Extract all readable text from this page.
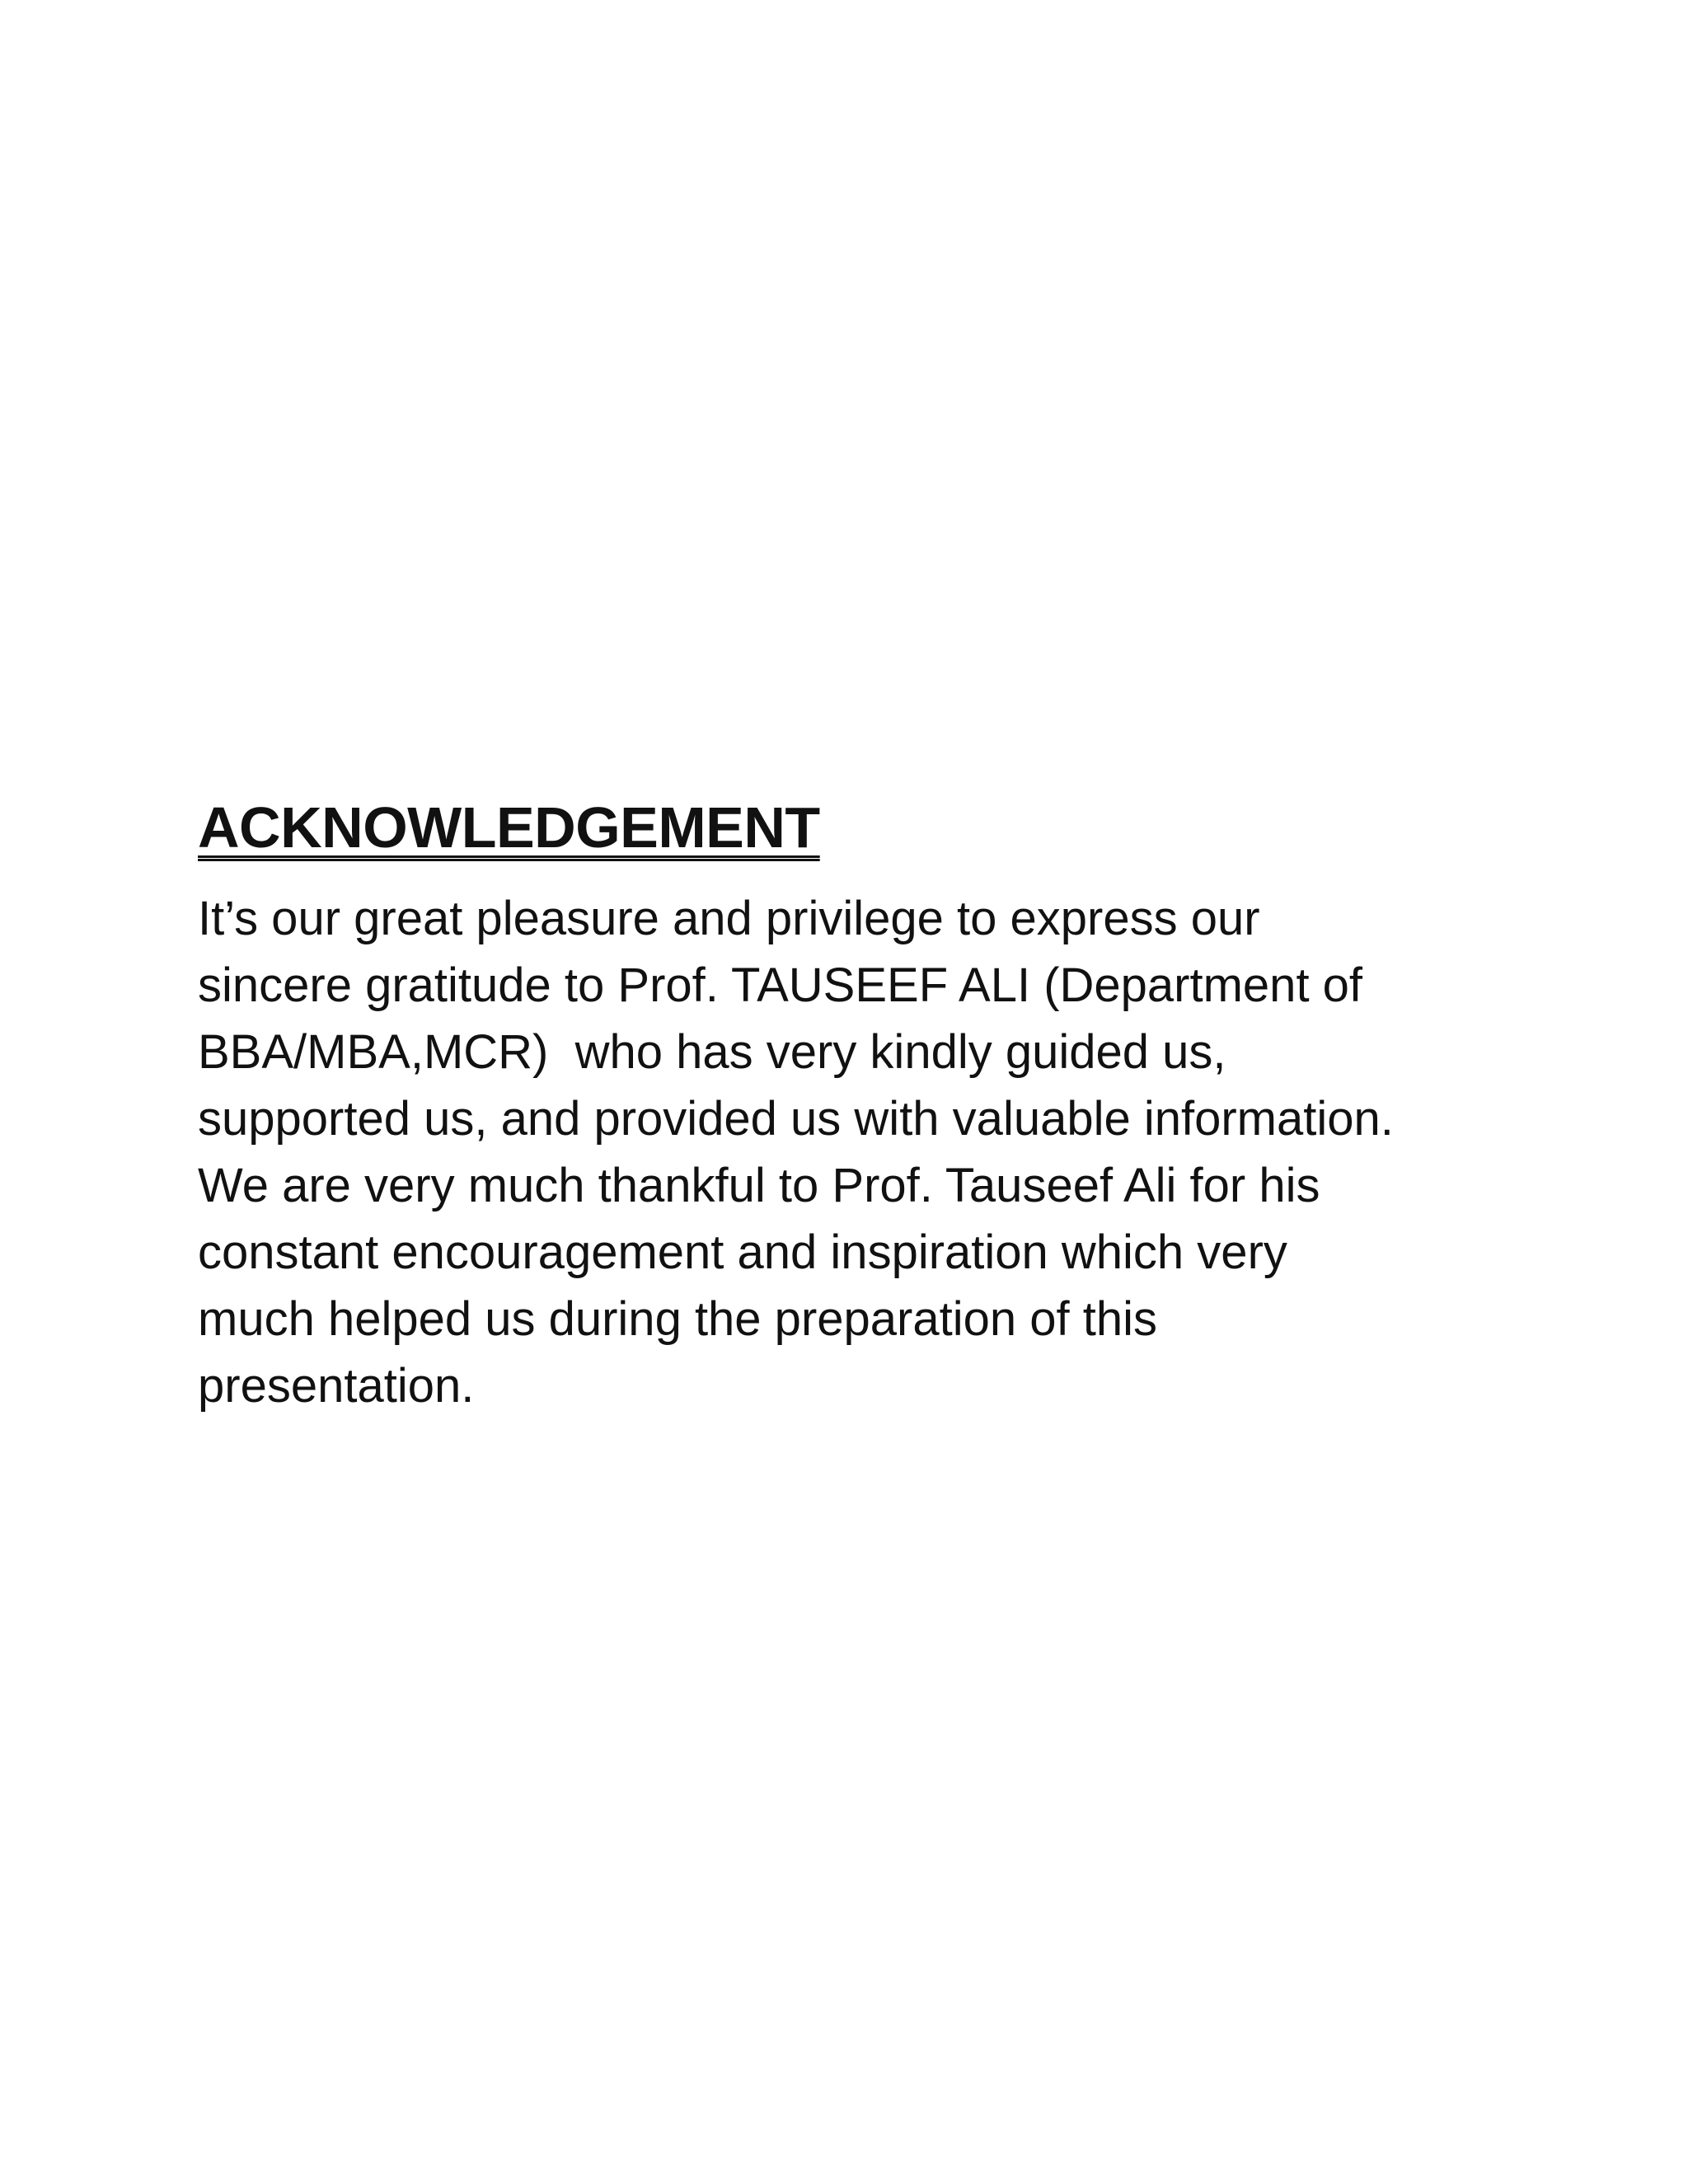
ACKNOWLEDGEMENT

It’s our great pleasure and privilege to express our
sincere gratitude to Prof. TAUSEEF ALI (Department of
BBA/MBA,MCR)  who has very kindly guided us,
supported us, and provided us with valuable information.
We are very much thankful to Prof. Tauseef Ali for his
constant encouragement and inspiration which very
much helped us during the preparation of this
presentation.
